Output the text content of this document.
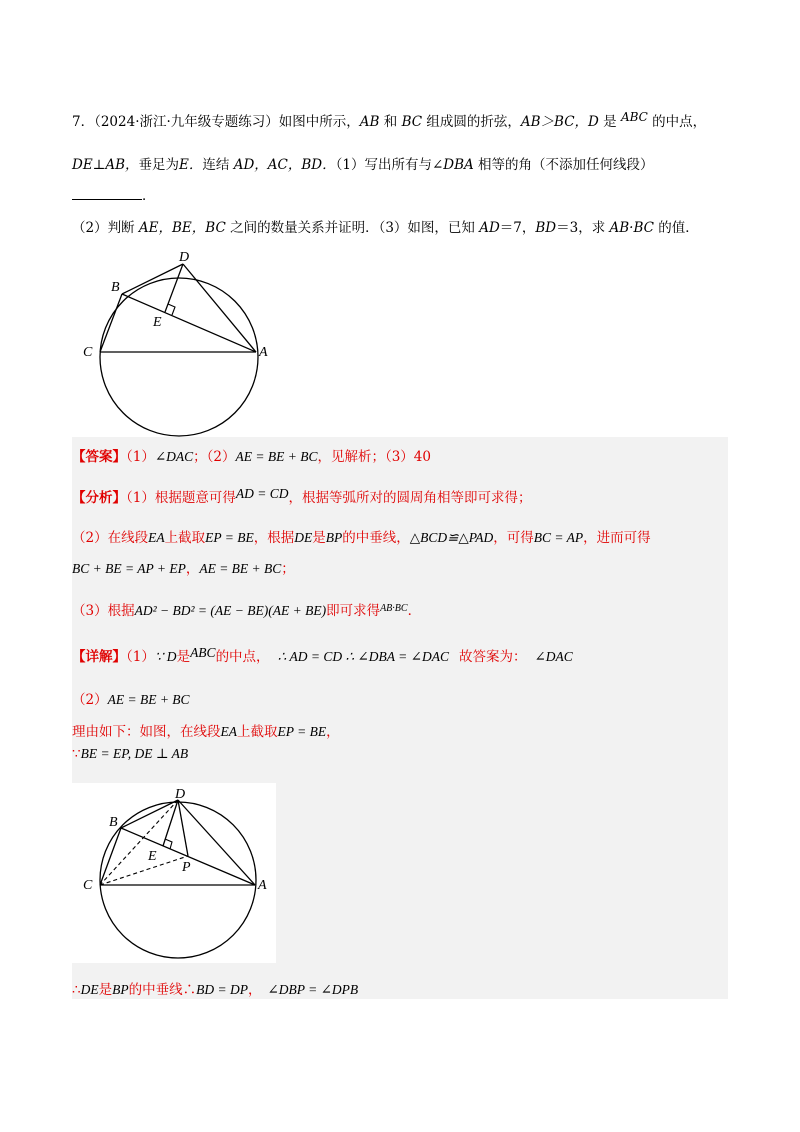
7．（2024·浙江·九年级专题练习）如图中所示，AB 和 BC 组成圆的折弦，AB＞BC，D 是 ABC 的中点，
DE⊥AB，垂足为E．连结 AD，AC，BD．（1）写出所有与∠DBA 相等的角（不添加任何线段）
．
（2）判断 AE，BE，BC 之间的数量关系并证明．（3）如图，已知 AD＝7，BD＝3，求 AB·BC 的值．
D
B
E
C	A
【答案】（1）∠DAC；（2）AE = BE + BC，见解析；（3）40
【分析】（1）根据题意可得AD = CD，根据等弧所对的圆周角相等即可求得；
（2）在线段EA上截取EP = BE，根据DE是BP的中垂线，△BCD≌△PAD，可得BC = AP，进而可得
BC + BE = AP + EP，AE = BE + BC；
（3）根据AD² − BD² = (AE − BE)(AE + BE)即可求得$^{AB\cdot BC}$．
【详解】（1）∵ D是ABC的中点， ∴ AD = CD ∴ ∠DBA = ∠DAC 故答案为： ∠DAC
（2）AE = BE + BC
理由如下：如图，在线段EA上截取EP = BE，
∵BE = EP, DE ⊥ AB
D
B
E
P
C	A
∴DE是BP的中垂线∴BD = DP， ∠DBP = ∠DPB
